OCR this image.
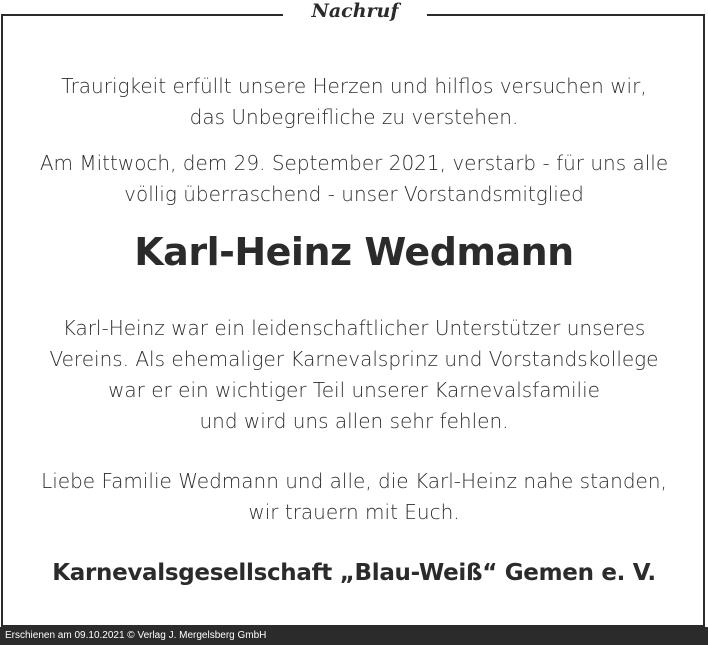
Nachruf
Traurigkeit erfüllt unsere Herzen und hilflos versuchen wir,
das Unbegreifliche zu verstehen.
Am Mittwoch, dem 29. September 2021, verstarb - für uns alle
völlig überraschend - unser Vorstandsmitglied
Karl-Heinz Wedmann
Karl-Heinz war ein leidenschaftlicher Unterstützer unseres
Vereins. Als ehemaliger Karnevalsprinz und Vorstandskollege
war er ein wichtiger Teil unserer Karnevalsfamilie
und wird uns allen sehr fehlen.
Liebe Familie Wedmann und alle, die Karl-Heinz nahe standen,
wir trauern mit Euch.
Karnevalsgesellschaft „Blau-Weiß“ Gemen e. V.
Erschienen am 09.10.2021 © Verlag J. Mergelsberg GmbH
